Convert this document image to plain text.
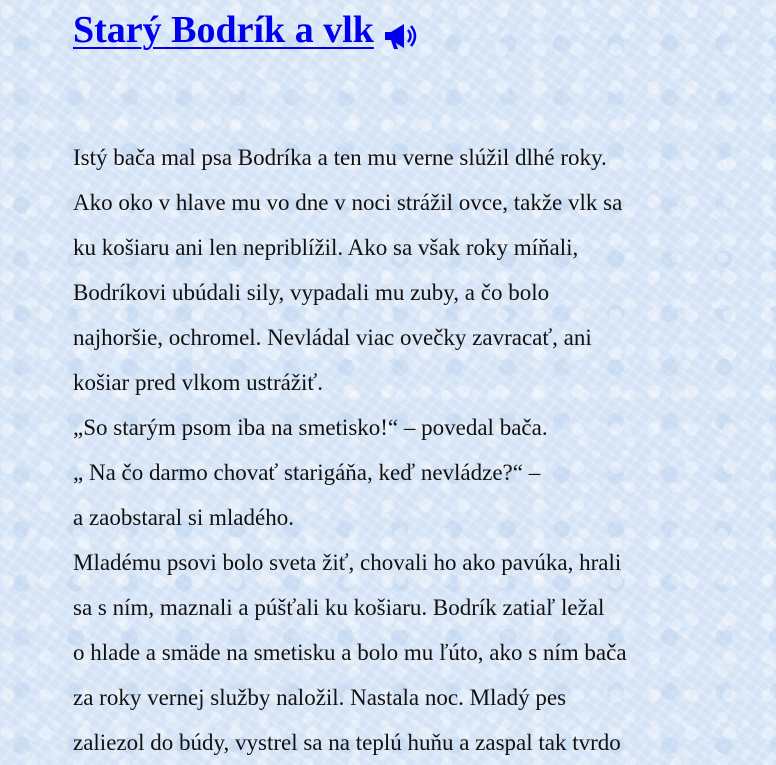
Starý Bodrík a vlk
Istý bača mal psa Bodríka a ten mu verne slúžil dlhé roky.
Ako oko v hlave mu vo dne v noci strážil ovce, takže vlk sa
ku košiaru ani len nepriblížil. Ako sa však roky míňali,
Bodríkovi ubúdali sily, vypadali mu zuby, a čo bolo
najhoršie, ochromel. Nevládal viac ovečky zavracať, ani
košiar pred vlkom ustrážiť.
„So starým psom iba na smetisko!“ – povedal bača.
„ Na čo darmo chovať starigáňa, keď nevládze?“ –
a zaobstaral si mladého.
Mladému psovi bolo sveta žiť, chovali ho ako pavúka, hrali
sa s ním, maznali a púšťali ku košiaru. Bodrík zatiaľ ležal
o hlade a smäde na smetisku a bolo mu ľúto, ako s ním bača
za roky vernej služby naložil. Nastala noc. Mladý pes
zaliezol do búdy, vystrel sa na teplú huňu a zaspal tak tvrdo
